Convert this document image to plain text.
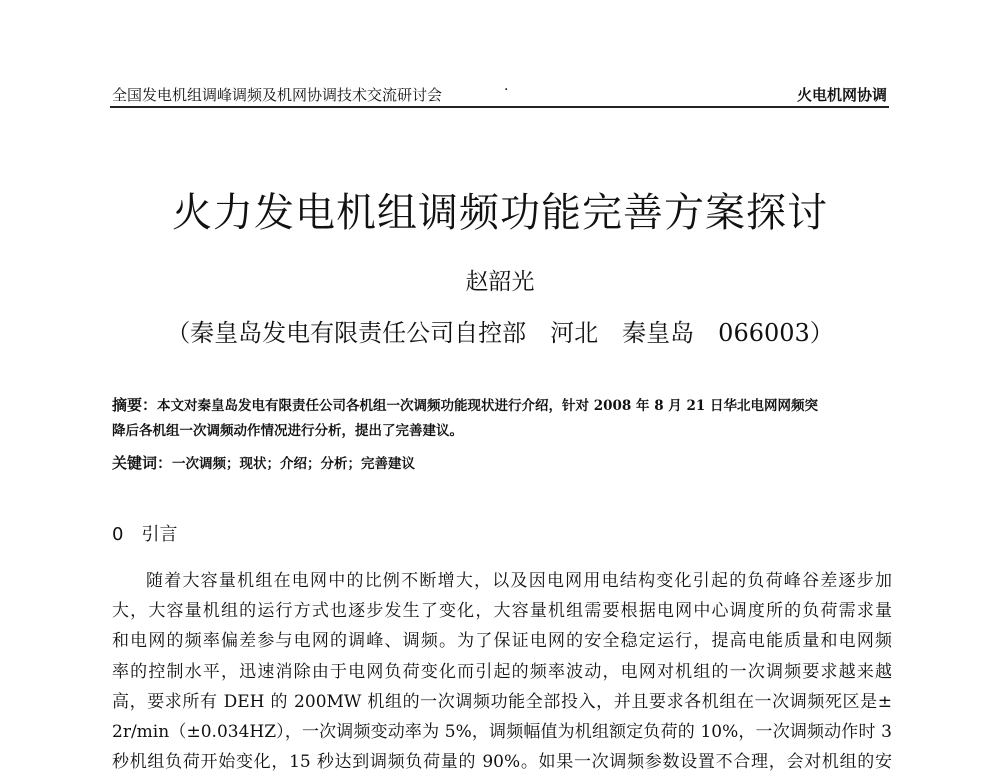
全国发电机组调峰调频及机网协调技术交流研讨会	·	火电机网协调
火力发电机组调频功能完善方案探讨
赵韶光
（秦皇岛发电有限责任公司自控部　河北　秦皇岛　066003）
摘要：本文对秦皇岛发电有限责任公司各机组一次调频功能现状进行介绍，针对 2008 年 8 月 21 日华北电网网频突
降后各机组一次调频动作情况进行分析，提出了完善建议。
关键词：一次调频；现状；介绍；分析；完善建议
0 引言
随着大容量机组在电网中的比例不断增大，以及因电网用电结构变化引起的负荷峰谷差逐步加
大，大容量机组的运行方式也逐步发生了变化，大容量机组需要根据电网中心调度所的负荷需求量
和电网的频率偏差参与电网的调峰、调频。为了保证电网的安全稳定运行，提高电能质量和电网频
率的控制水平，迅速消除由于电网负荷变化而引起的频率波动，电网对机组的一次调频要求越来越
高，要求所有 DEH 的 200MW 机组的一次调频功能全部投入，并且要求各机组在一次调频死区是±
2r/min（±0.034HZ），一次调频变动率为 5%，调频幅值为机组额定负荷的 10%，一次调频动作时 3
秒机组负荷开始变化，15 秒达到调频负荷量的 90%。如果一次调频参数设置不合理，会对机组的安
